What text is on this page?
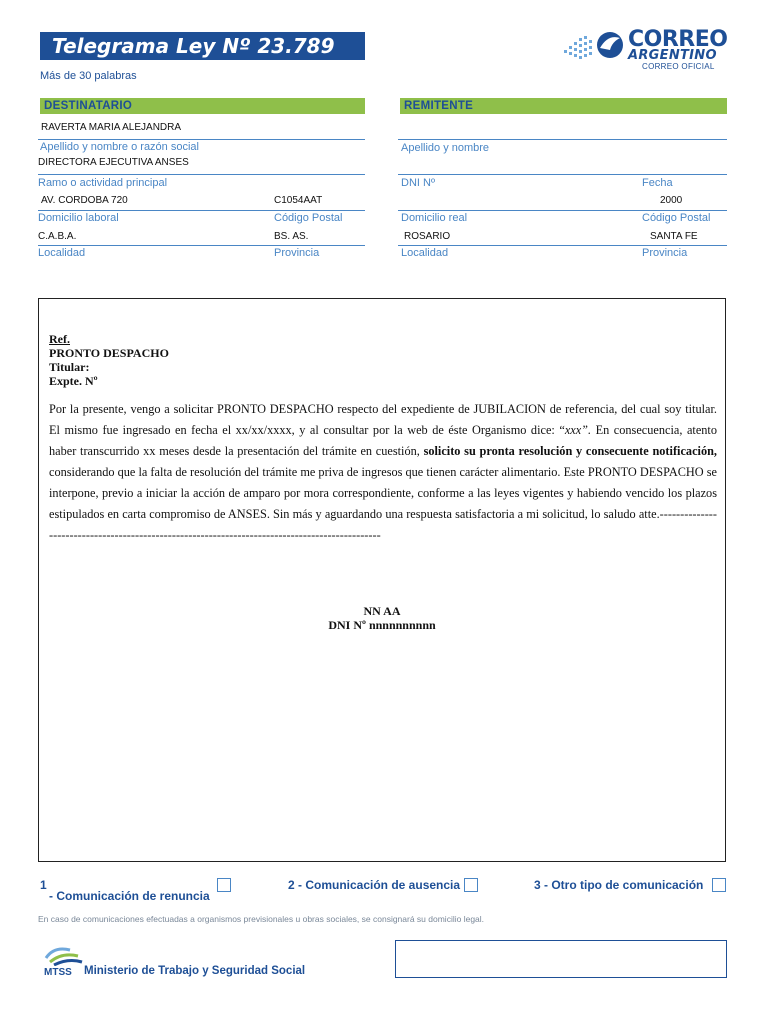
Telegrama Ley Nº 23.789
Más de 30 palabras
CORREO
ARGENTINO
CORREO OFICIAL
DESTINATARIO	REMITENTE
RAVERTA MARIA ALEJANDRA
Apellido y nombre o razón social
DIRECTORA EJECUTIVA ANSES
Ramo o actividad principal
AV. CORDOBA 720	C1054AAT
Domicilio laboral	Código Postal
C.A.B.A.	BS. AS.
Localidad	Provincia
Apellido y nombre
DNI Nº	Fecha
2000
Domicilio real	Código Postal
ROSARIO	SANTA FE
Localidad	Provincia
Ref.
PRONTO DESPACHO
Titular:
Expte. Nº
Por la presente, vengo a solicitar PRONTO DESPACHO respecto del expediente de JUBILACION de referencia, del cual soy titular. El mismo fue ingresado en fecha el xx/xx/xxxx, y al consultar por la web de éste Organismo dice: “xxx”. En consecuencia, atento haber transcurrido xx meses desde la presentación del trámite en cuestión, solicito su pronta resolución y consecuente notificación, considerando que la falta de resolución del trámite me priva de ingresos que tienen carácter alimentario. Este PRONTO DESPACHO se interpone, previo a iniciar la acción de amparo por mora correspondiente, conforme a las leyes vigentes y habiendo vencido los plazos estipulados en carta compromiso de ANSES. Sin más y aguardando una respuesta satisfactoria a mi solicitud, lo saludo atte.-----------------------------------------------------------------------------------------------
NN AA
DNI Nº nnnnnnnnnn
1
- Comunicación de renuncia
2 - Comunicación de ausencia	3 - Otro tipo de comunicación
En caso de comunicaciones efectuadas a organismos previsionales u obras sociales, se consignará su domicilio legal.
MTSS Ministerio de Trabajo y Seguridad Social
